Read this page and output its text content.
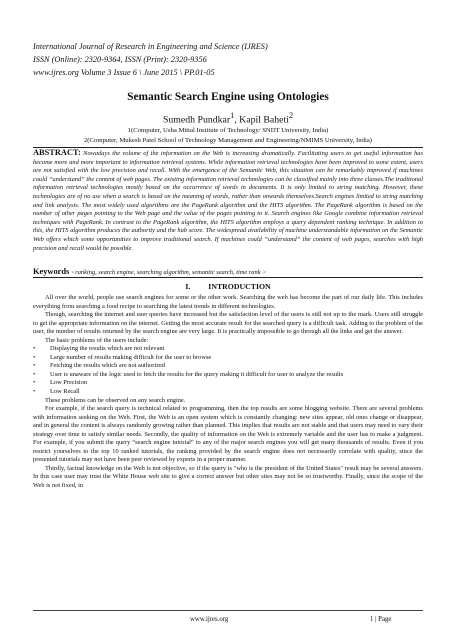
International Journal of Research in Engineering and Science (IJRES)
ISSN (Online): 2320-9364, ISSN (Print): 2320-9356
www.ijres.org Volume 3 Issue 6 \ June 2015 \ PP.01-05
Semantic Search Engine using Ontologies
Sumedh Pundkar$^1$, Kapil Baheti$^2$
1(Computer, Usha Mittal Institute of Technology/ SNDT University, India)
2(Computer, Mukesh Patel School of Technology Management and Engineering/NMIMS University, India)
ABSTRACT: Nowadays the volume of the information on the Web is increasing dramatically. Facilitating users to get useful information has become more and more important to information retrieval systems. While information retrieval technologies have been improved to some extent, users are not satisfied with the low precision and recall. With the emergence of the Semantic Web, this situation can be remarkably improved if machines could “understand” the content of web pages. The existing information retrieval technologies can be classified mainly into three classes.The traditional information retrieval technologies mostly based on the occurrence of words in documents. It is only limited to string matching. However, these technologies are of no use when a search is based on the meaning of words, rather than onwards themselves.Search engines limited to string matching and link analysis. The most widely used algorithms are the PageRank algorithm and the HITS algorithm. The PageRank algorithm is based on the number of other pages pointing to the Web page and the value of the pages pointing to it. Search engines like Google combine information retrieval techniques with PageRank. In contrast to the PageRank algorithm, the HITS algorithm employs a query dependent ranking technique. In addition to this, the HITS algorithm produces the authority and the hub score. The widespread availability of machine understandable information on the Semantic Web offers which some opportunities to improve traditional search. If machines could “understand” the content of web pages, searches with high precision and recall would be possible.
Keywords <ranking, search engine, searching algorithm, semantic search, time rank >
I. INTRODUCTION

All over the world, people use search engines for some or the other work. Searching the web has become the part of our daily life. This includes everything from searching a food recipe to searching the latest trends in different technologies.

Though, searching the internet and user queries have increased but the satisfaction level of the users is still not up to the mark. Users still struggle to get the appropriate information on the internet. Getting the most accurate result for the searched query is a difficult task. Adding to the problem of the user, the number of results returned by the search engine are very large. It is practically impossible to go through all the links and get the answer.

The basic problems of the users include:

• Displaying the results which are not relevant
• Large number of results making difficult for the user to browse
• Fetching the results which are not authorized
• User is unaware of the logic used to fetch the results for the query making it difficult for user to analyze the results
• Low Precision
• Low Recall

These problems can be observed on any search engine.

For example, if the search query is technical related to programming, then the top results are some blogging website. There are several problems with information seeking on the Web. First, the Web is an open system which is constantly changing: new sites appear, old ones change or disappear, and in general the content is always randomly growing rather than planned. This implies that results are not stable and that users may need to vary their strategy over time to satisfy similar needs. Secondly, the quality of information on the Web is extremely variable and the user has to make a judgment. For example, if you submit the query “search engine tutorial” to any of the major search engines you will get many thousands of results. Even if you restrict yourselves to the top 10 ranked tutorials, the ranking provided by the search engine does not necessarily correlate with quality, since the presented tutorials may not have been peer reviewed by experts in a proper manner.

Thirdly, factual knowledge on the Web is not objective, so if the query is "who is the president of the United States" result may be several answers. In this case user may trust the White House web site to give a correct answer but other sites may not be so trustworthy. Finally, since the scope of the Web is not fixed, in

www.ijres.org	1 | Page
